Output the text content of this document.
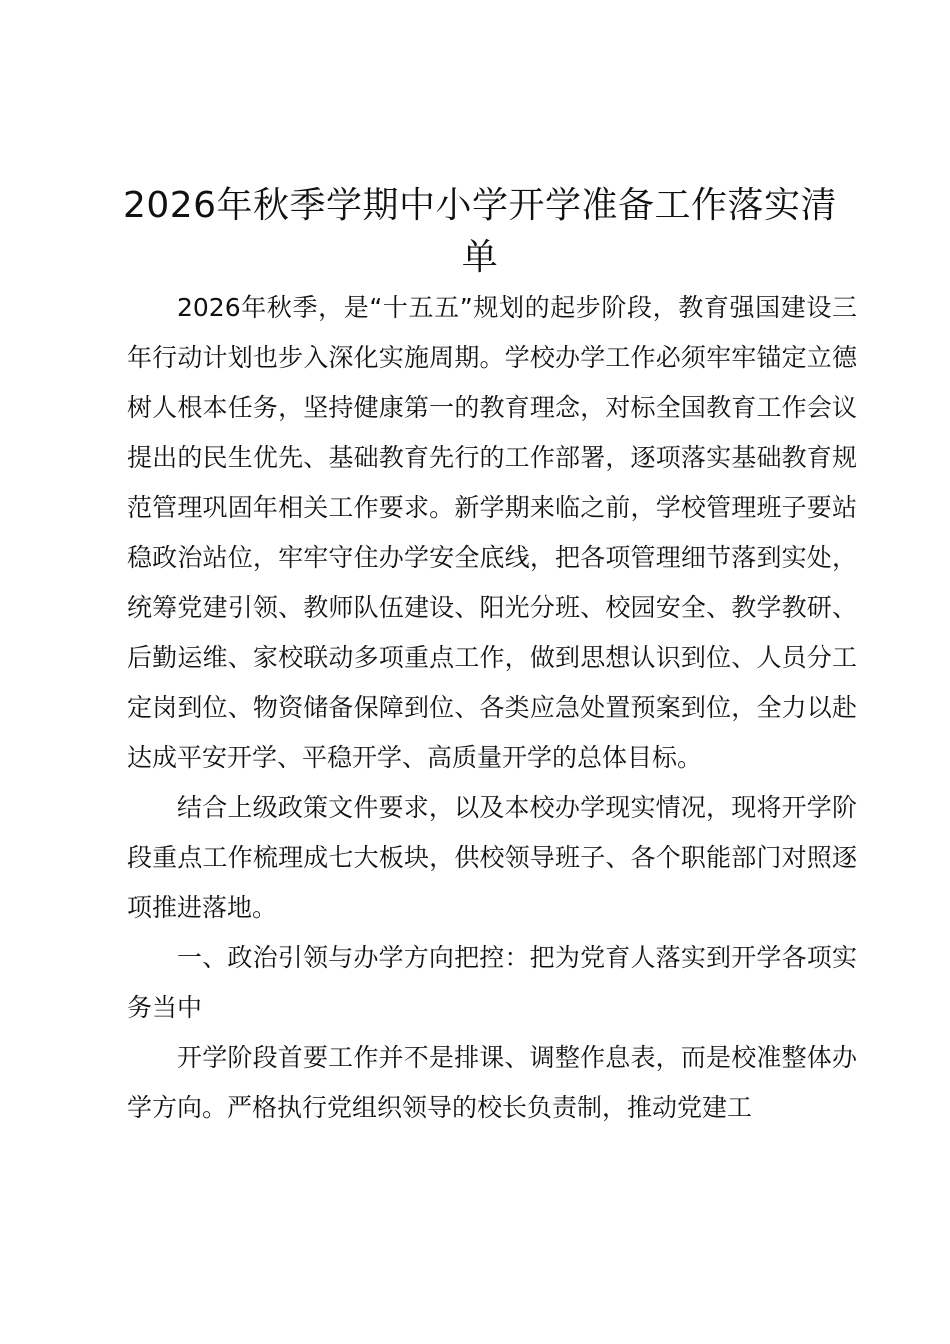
2026年秋季学期中小学开学准备工作落实清单

2026年秋季，是“十五五”规划的起步阶段，教育强国建设三年行动计划也步入深化实施周期。学校办学工作必须牢牢锚定立德树人根本任务，坚持健康第一的教育理念，对标全国教育工作会议提出的民生优先、基础教育先行的工作部署，逐项落实基础教育规范管理巩固年相关工作要求。新学期来临之前，学校管理班子要站稳政治站位，牢牢守住办学安全底线，把各项管理细节落到实处，统筹党建引领、教师队伍建设、阳光分班、校园安全、教学教研、后勤运维、家校联动多项重点工作，做到思想认识到位、人员分工定岗到位、物资储备保障到位、各类应急处置预案到位，全力以赴达成平安开学、平稳开学、高质量开学的总体目标。

结合上级政策文件要求，以及本校办学现实情况，现将开学阶段重点工作梳理成七大板块，供校领导班子、各个职能部门对照逐项推进落地。

一、政治引领与办学方向把控：把为党育人落实到开学各项实务当中

开学阶段首要工作并不是排课、调整作息表，而是校准整体办学方向。严格执行党组织领导的校长负责制，推动党建工
